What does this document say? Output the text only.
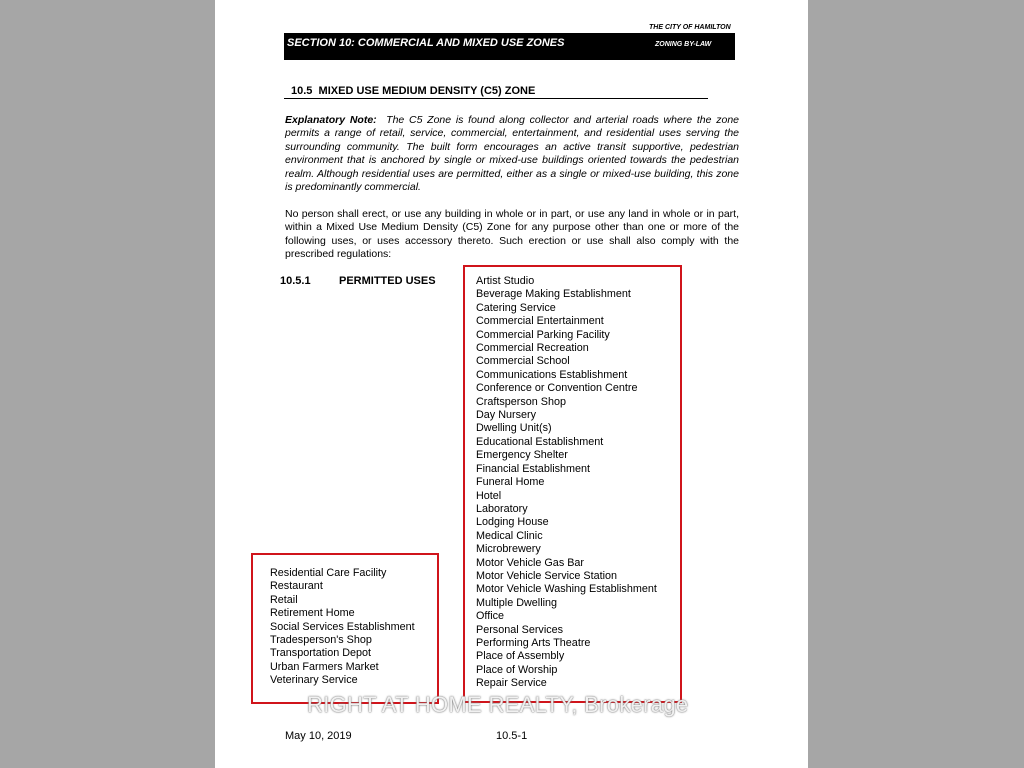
THE CITY OF HAMILTON
SECTION 10: COMMERCIAL AND MIXED USE ZONES	ZONING BY-LAW
10.5 MIXED USE MEDIUM DENSITY (C5) ZONE
Explanatory Note: The C5 Zone is found along collector and arterial roads where the zone permits a range of retail, service, commercial, entertainment, and residential uses serving the surrounding community. The built form encourages an active transit supportive, pedestrian environment that is anchored by single or mixed-use buildings oriented towards the pedestrian realm. Although residential uses are permitted, either as a single or mixed-use building, this zone is predominantly commercial.
No person shall erect, or use any building in whole or in part, or use any land in whole or in part, within a Mixed Use Medium Density (C5) Zone for any purpose other than one or more of the following uses, or uses accessory thereto. Such erection or use shall also comply with the prescribed regulations:
10.5.1	PERMITTED USES	Artist Studio
Beverage Making Establishment
Catering Service
Commercial Entertainment
Commercial Parking Facility
Commercial Recreation
Commercial School
Communications Establishment
Conference or Convention Centre
Craftsperson Shop
Day Nursery
Dwelling Unit(s)
Educational Establishment
Emergency Shelter
Financial Establishment
Funeral Home
Hotel
Laboratory
Lodging House
Medical Clinic
Microbrewery
Motor Vehicle Gas Bar
Motor Vehicle Service Station
Motor Vehicle Washing Establishment
Multiple Dwelling
Office
Personal Services
Performing Arts Theatre
Place of Assembly
Place of Worship
Repair Service
Residential Care Facility
Restaurant
Retail
Retirement Home
Social Services Establishment
Tradesperson's Shop
Transportation Depot
Urban Farmers Market
Veterinary Service
RIGHT AT HOME REALTY, Brokerage
May 10, 2019	10.5-1
